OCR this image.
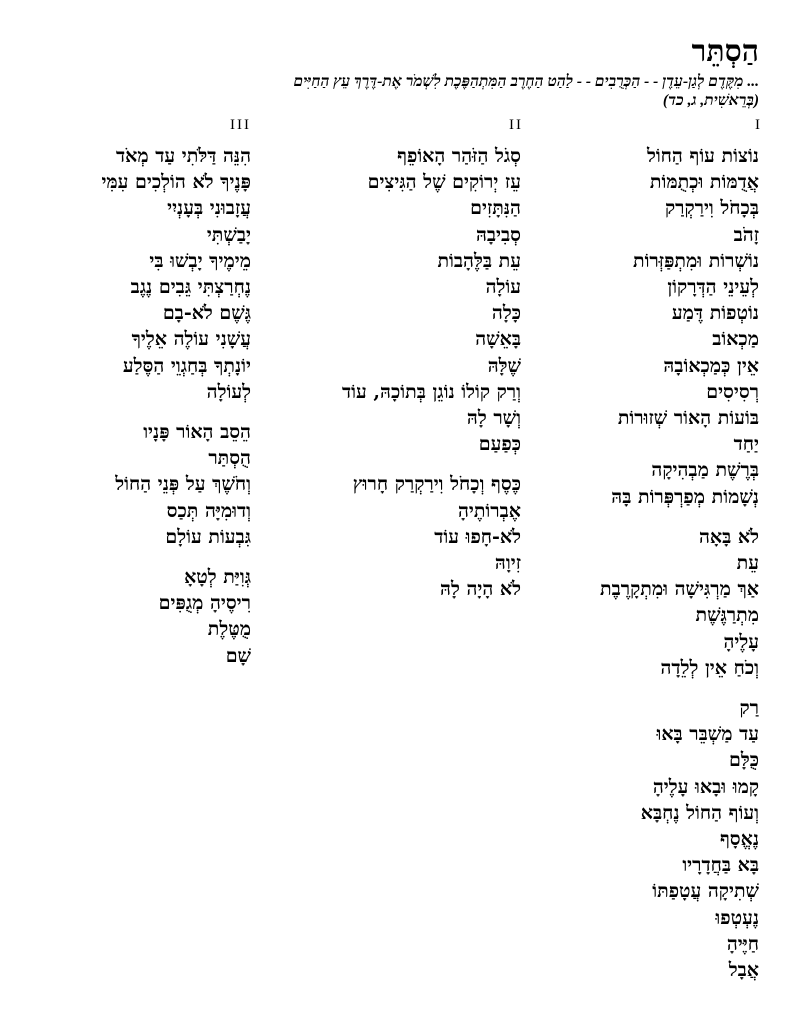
הַסְתֵּר

... מִקֶּדֶם לְגַן-עֵדֶן - - הַכְּרֻבִים - - לַהַט הַחֶרֶב הַמִּתְהַפֶּכֶת לִשְׁמֹר אֶת-דֶּרֶךְ עֵץ הַחַיִּים

(בְּרֵאשִׁית, ג, כד)

I
II
III
נוֹצוֹת עוֹף הַחוֹל
אֲדֻמּוֹת וּכְתֻמּוֹת
בְּכָחֹל וִירַקְרַק
זָהֹב
נוֹשְׁרוֹת וּמִתְפַּזְּרוֹת
לְעֵינֵי הַדְּרָקוֹן
נוֹטְפוֹת דֶּמַע
מַכְאוֹב
אֵין כְּמַכְאוֹבָהּ
רְסִיסִים
בּוֹעוֹת הָאוֹר שְׁזוּרוֹת
יַחַד
בְּרֶשֶׁת מַבְהִיקָה
נְשָׁמוֹת מְפַרְפְּרוֹת בָּהּ
לֹא בָּאָה
עֵת
אַךְ מַרְגִּישָׁה וּמִתְקָרֶבֶת
מִתְרַגֶּשֶׁת
עָלֶיהָ
וְכֹחַ אֵין לְלֵדָה
רַק
עַד מַשְׁבֵּר בָּאוּ
כֻּלָּם
קָמוּ וּבָאוּ עָלֶיהָ
וְעוֹף הַחוֹל נֶחְבָּא
נֶאֱסָף
בָּא בַּחֲדָרָיו
שְׁתִיקָה עֲטָפַתּוֹ
נֶעְטְפוּ
חַיֶּיהָ
אֲבָל
סְגֹל הַזֹּהַר הָאוֹפֵף
עֵז יְרוֹקִים שֶׁל הַגִּיצִים
הַנִּתָּזִים
סְבִיבָהּ
עֵת בַּלֶּהָבוֹת
עוֹלָה
כָּלָה
בָּאֵשָׁה
שֶׁלָּהּ
וְרַק קוֹלוֹ נוֹגֵן בְּתוֹכָהּ, עוֹד
וְשָׁר לָהּ
כְּפַעַם
כֶּסֶף וְכָחֹל וִירַקְרַק חָרוּץ
אֶבְרוֹתֶיהָ
לֹא-חָפוּ עוֹד
זִיוָהּ
לֹא הָיָה לָהּ
הִנֵּה דַּלֹּתִי עַד מְאֹד
פָּנֶיךָ לֹא הוֹלְכִים עִמִּי
עֲזָבוּנִי בְּעָנְיִי
יָבַשְׁתִּי
מֵימֶיךָ יָבְשׁוּ בִּי
נֶחְרַצְתִּי גֵּבִים נֶגֶב
גֶּשֶׁם לֹא-בָם
עֲשָׁנִי עוֹלֶה אֵלֶיךָ
יוֹנָתְךָ בְּחַגְוֵי הַסֶּלַע
לְעוֹלָה
הֵסֵב הָאוֹר פָּנָיו
הֻסְתַּר
וְחֹשֶׁךְ עַל פְּנֵי הַחוֹל
וְדוּמִיָּה תְּכַס
גִּבְעוֹת עוֹלָם
גְּוִיַּת לְטָאָ
רִיסֶיהָ מְגֻפִּים
מֻטֶּלֶת
שָׁם
